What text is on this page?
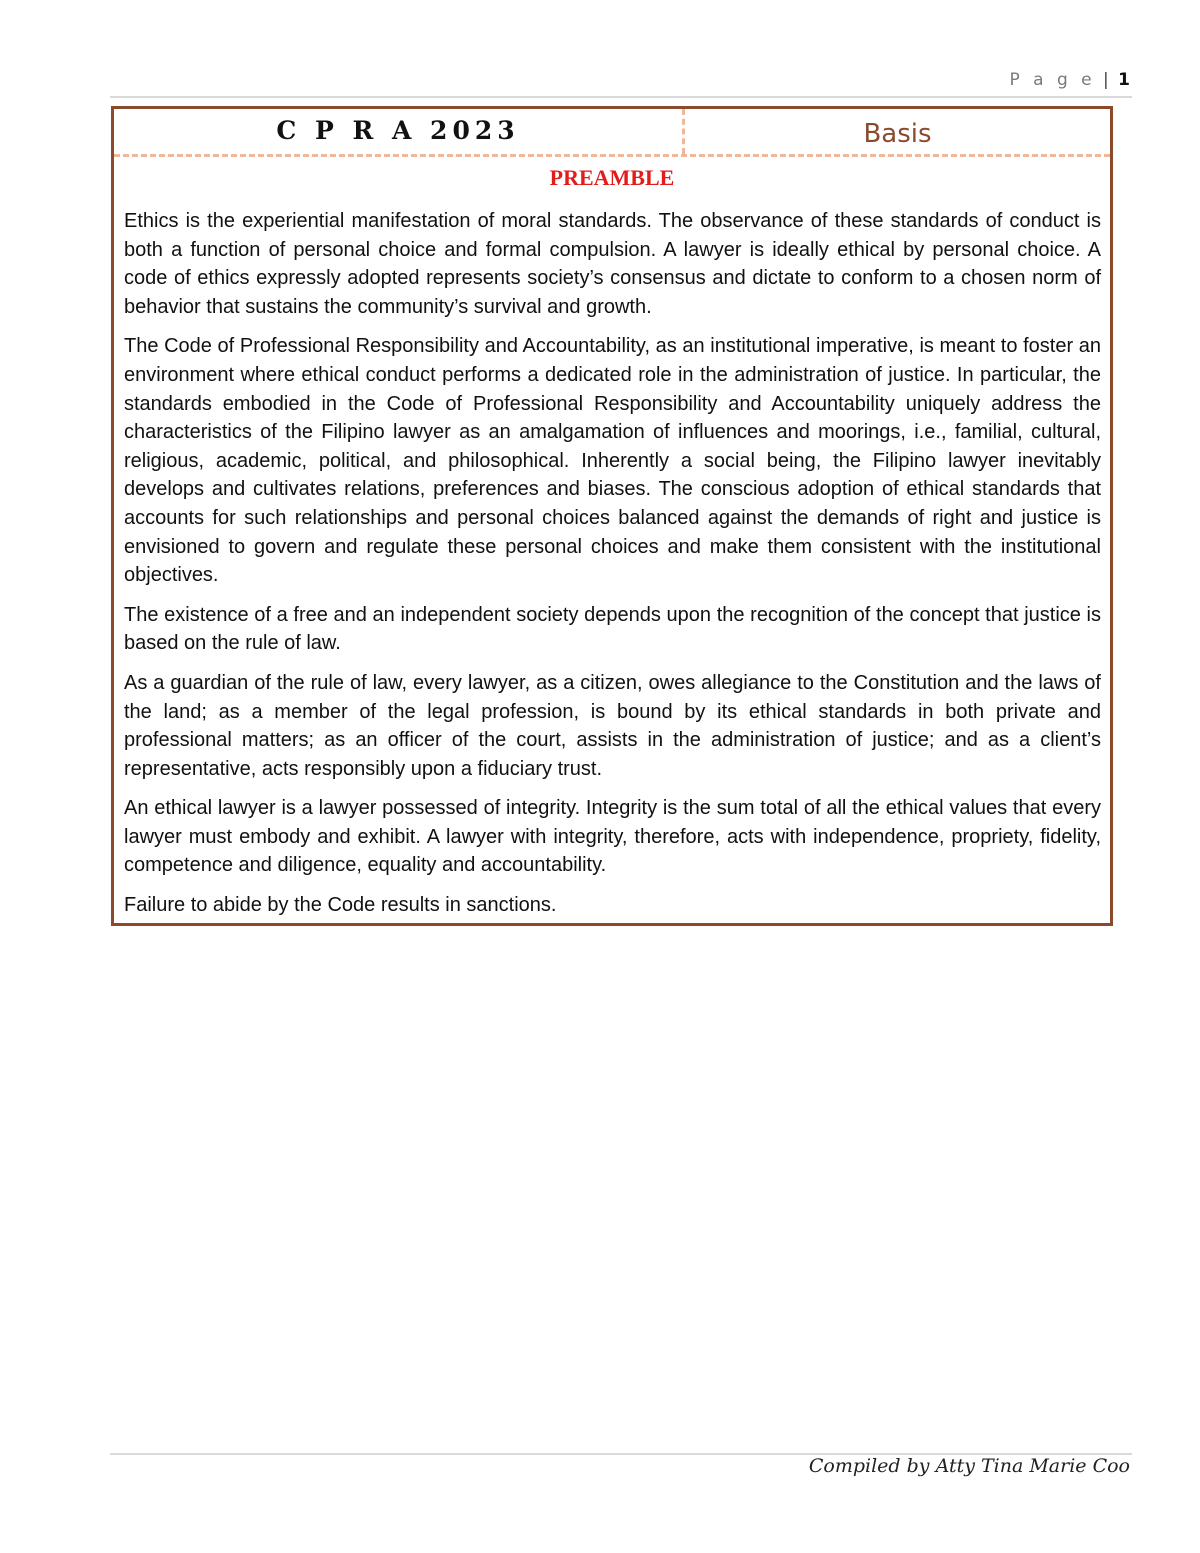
P a g e | 1
C P R A 2023	Basis
PREAMBLE

Ethics is the experiential manifestation of moral standards. The observance of these standards of conduct is both a function of personal choice and formal compulsion. A lawyer is ideally ethical by personal choice. A code of ethics expressly adopted represents society’s consensus and dictate to conform to a chosen norm of behavior that sustains the community’s survival and growth.

The Code of Professional Responsibility and Accountability, as an institutional imperative, is meant to foster an environment where ethical conduct performs a dedicated role in the administration of justice. In particular, the standards embodied in the Code of Professional Responsibility and Accountability uniquely address the characteristics of the Filipino lawyer as an amalgamation of influences and moorings, i.e., familial, cultural, religious, academic, political, and philosophical. Inherently a social being, the Filipino lawyer inevitably develops and cultivates relations, preferences and biases. The conscious adoption of ethical standards that accounts for such relationships and personal choices balanced against the demands of right and justice is envisioned to govern and regulate these personal choices and make them consistent with the institutional objectives.

The existence of a free and an independent society depends upon the recognition of the concept that justice is based on the rule of law.

As a guardian of the rule of law, every lawyer, as a citizen, owes allegiance to the Constitution and the laws of the land; as a member of the legal profession, is bound by its ethical standards in both private and professional matters; as an officer of the court, assists in the administration of justice; and as a client’s representative, acts responsibly upon a fiduciary trust.

An ethical lawyer is a lawyer possessed of integrity. Integrity is the sum total of all the ethical values that every lawyer must embody and exhibit. A lawyer with integrity, therefore, acts with independence, propriety, fidelity, competence and diligence, equality and accountability.

Failure to abide by the Code results in sanctions.

Compiled by Atty Tina Marie Coo
